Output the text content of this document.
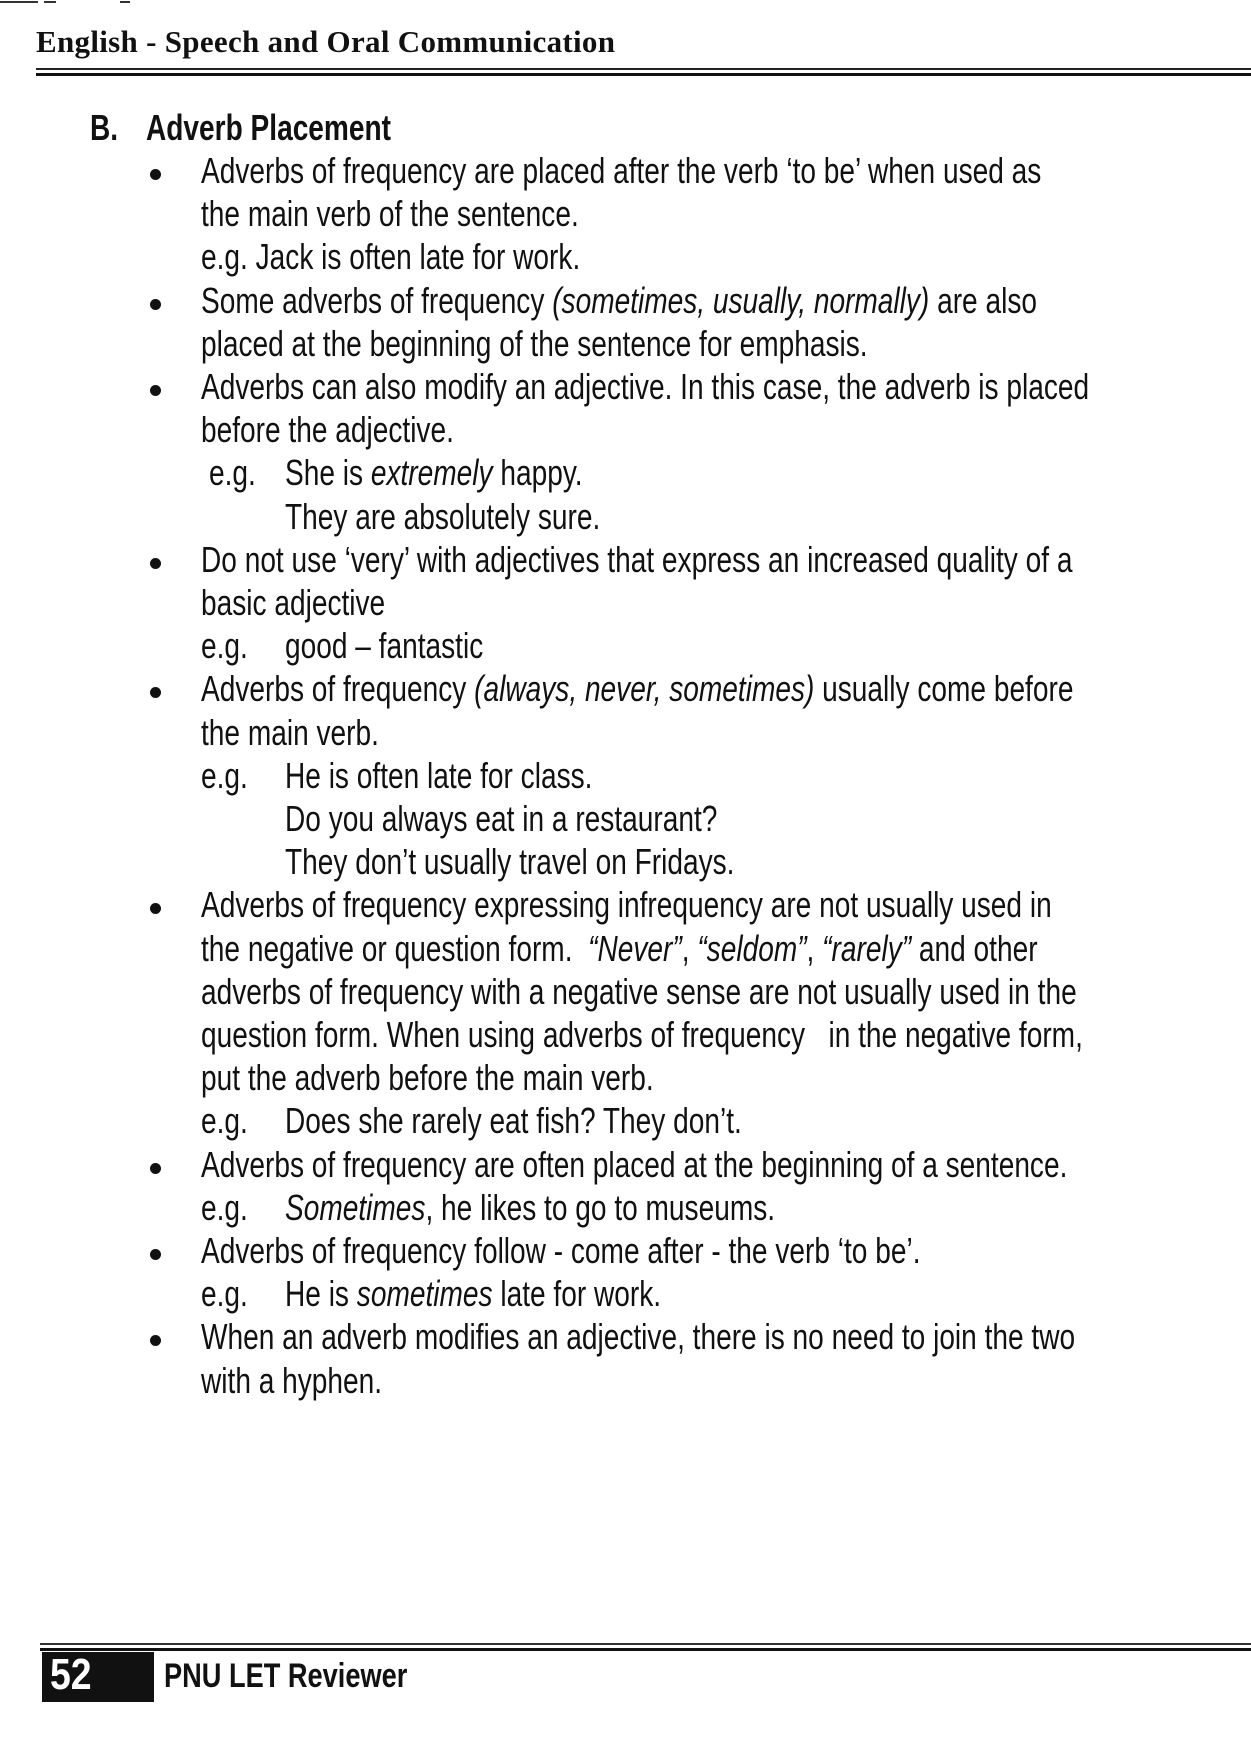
English - Speech and Oral Communication
B. Adverb Placement
Adverbs of frequency are placed after the verb ‘to be’ when used as
the main verb of the sentence.
e.g. Jack is often late for work.
Some adverbs of frequency (sometimes, usually, normally) are also
placed at the beginning of the sentence for emphasis.
Adverbs can also modify an adjective. In this case, the adverb is placed
before the adjective.
e.g. She is extremely happy.
They are absolutely sure.
Do not use ‘very’ with adjectives that express an increased quality of a
basic adjective
e.g. good – fantastic
Adverbs of frequency (always, never, sometimes) usually come before
the main verb.
e.g. He is often late for class.
Do you always eat in a restaurant?
They don’t usually travel on Fridays.
Adverbs of frequency expressing infrequency are not usually used in
the negative or question form.  “Never”, “seldom”, “rarely” and other
adverbs of frequency with a negative sense are not usually used in the
question form. When using adverbs of frequency   in the negative form,
put the adverb before the main verb.
e.g. Does she rarely eat fish? They don’t.
Adverbs of frequency are often placed at the beginning of a sentence.
e.g. Sometimes, he likes to go to museums.
Adverbs of frequency follow - come after - the verb ‘to be’.
e.g. He is sometimes late for work.
When an adverb modifies an adjective, there is no need to join the two
with a hyphen.
52 PNU LET Reviewer
